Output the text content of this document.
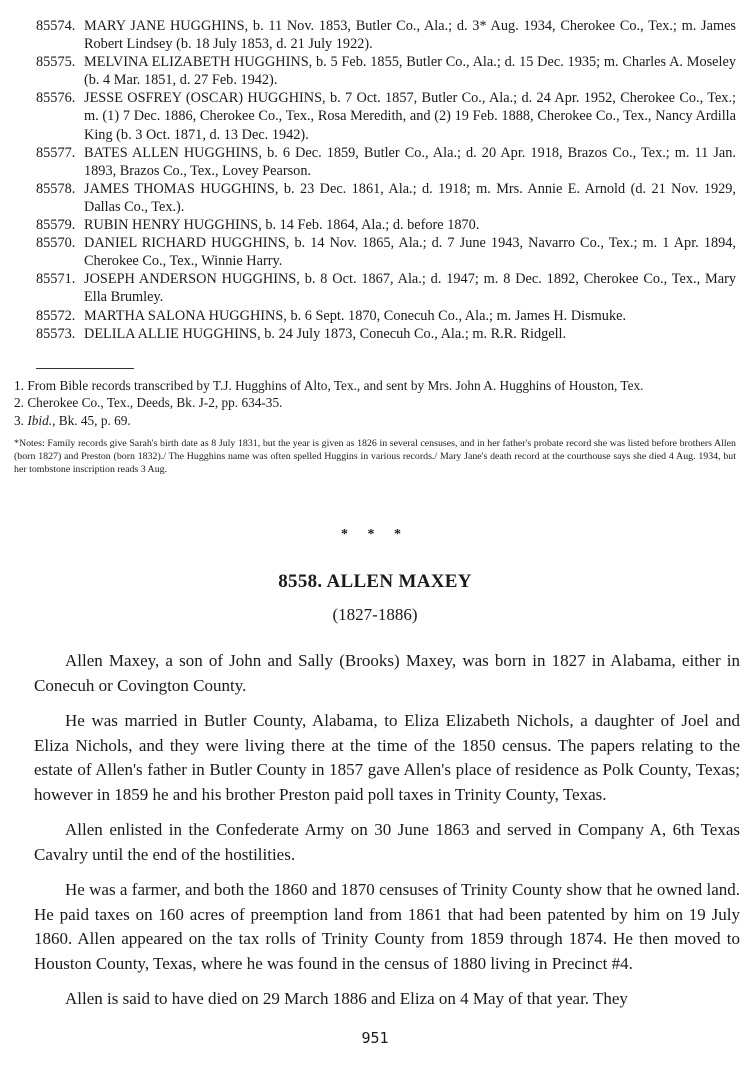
85574. MARY JANE HUGGHINS, b. 11 Nov. 1853, Butler Co., Ala.; d. 3* Aug. 1934, Cherokee Co., Tex.; m. James Robert Lindsey (b. 18 July 1853, d. 21 July 1922).
85575. MELVINA ELIZABETH HUGGHINS, b. 5 Feb. 1855, Butler Co., Ala.; d. 15 Dec. 1935; m. Charles A. Moseley (b. 4 Mar. 1851, d. 27 Feb. 1942).
85576. JESSE OSFREY (OSCAR) HUGGHINS, b. 7 Oct. 1857, Butler Co., Ala.; d. 24 Apr. 1952, Cherokee Co., Tex.; m. (1) 7 Dec. 1886, Cherokee Co., Tex., Rosa Meredith, and (2) 19 Feb. 1888, Cherokee Co., Tex., Nancy Ardilla King (b. 3 Oct. 1871, d. 13 Dec. 1942).
85577. BATES ALLEN HUGGHINS, b. 6 Dec. 1859, Butler Co., Ala.; d. 20 Apr. 1918, Brazos Co., Tex.; m. 11 Jan. 1893, Brazos Co., Tex., Lovey Pearson.
85578. JAMES THOMAS HUGGHINS, b. 23 Dec. 1861, Ala.; d. 1918; m. Mrs. Annie E. Arnold (d. 21 Nov. 1929, Dallas Co., Tex.).
85579. RUBIN HENRY HUGGHINS, b. 14 Feb. 1864, Ala.; d. before 1870.
85570. DANIEL RICHARD HUGGHINS, b. 14 Nov. 1865, Ala.; d. 7 June 1943, Navarro Co., Tex.; m. 1 Apr. 1894, Cherokee Co., Tex., Winnie Harry.
85571. JOSEPH ANDERSON HUGGHINS, b. 8 Oct. 1867, Ala.; d. 1947; m. 8 Dec. 1892, Cherokee Co., Tex., Mary Ella Brumley.
85572. MARTHA SALONA HUGGHINS, b. 6 Sept. 1870, Conecuh Co., Ala.; m. James H. Dismuke.
85573. DELILA ALLIE HUGGHINS, b. 24 July 1873, Conecuh Co., Ala.; m. R.R. Ridgell.
1. From Bible records transcribed by T.J. Hugghins of Alto, Tex., and sent by Mrs. John A. Hugghins of Houston, Tex.
2. Cherokee Co., Tex., Deeds, Bk. J-2, pp. 634-35.
3. Ibid., Bk. 45, p. 69.
*Notes: Family records give Sarah's birth date as 8 July 1831, but the year is given as 1826 in several censuses, and in her father's probate record she was listed before brothers Allen (born 1827) and Preston (born 1832)./ The Hugghins name was often spelled Huggins in various records./ Mary Jane's death record at the courthouse says she died 4 Aug. 1934, but her tombstone inscription reads 3 Aug.
* * *
8558. ALLEN MAXEY
(1827-1886)

Allen Maxey, a son of John and Sally (Brooks) Maxey, was born in 1827 in Alabama, either in Conecuh or Covington County.

He was married in Butler County, Alabama, to Eliza Elizabeth Nichols, a daughter of Joel and Eliza Nichols, and they were living there at the time of the 1850 census. The papers relating to the estate of Allen's father in Butler County in 1857 gave Allen's place of residence as Polk County, Texas; however in 1859 he and his brother Preston paid poll taxes in Trinity County, Texas.

Allen enlisted in the Confederate Army on 30 June 1863 and served in Company A, 6th Texas Cavalry until the end of the hostilities.

He was a farmer, and both the 1860 and 1870 censuses of Trinity County show that he owned land. He paid taxes on 160 acres of preemption land from 1861 that had been patented by him on 19 July 1860. Allen appeared on the tax rolls of Trinity County from 1859 through 1874. He then moved to Houston County, Texas, where he was found in the census of 1880 living in Precinct #4.

Allen is said to have died on 29 March 1886 and Eliza on 4 May of that year. They

951
